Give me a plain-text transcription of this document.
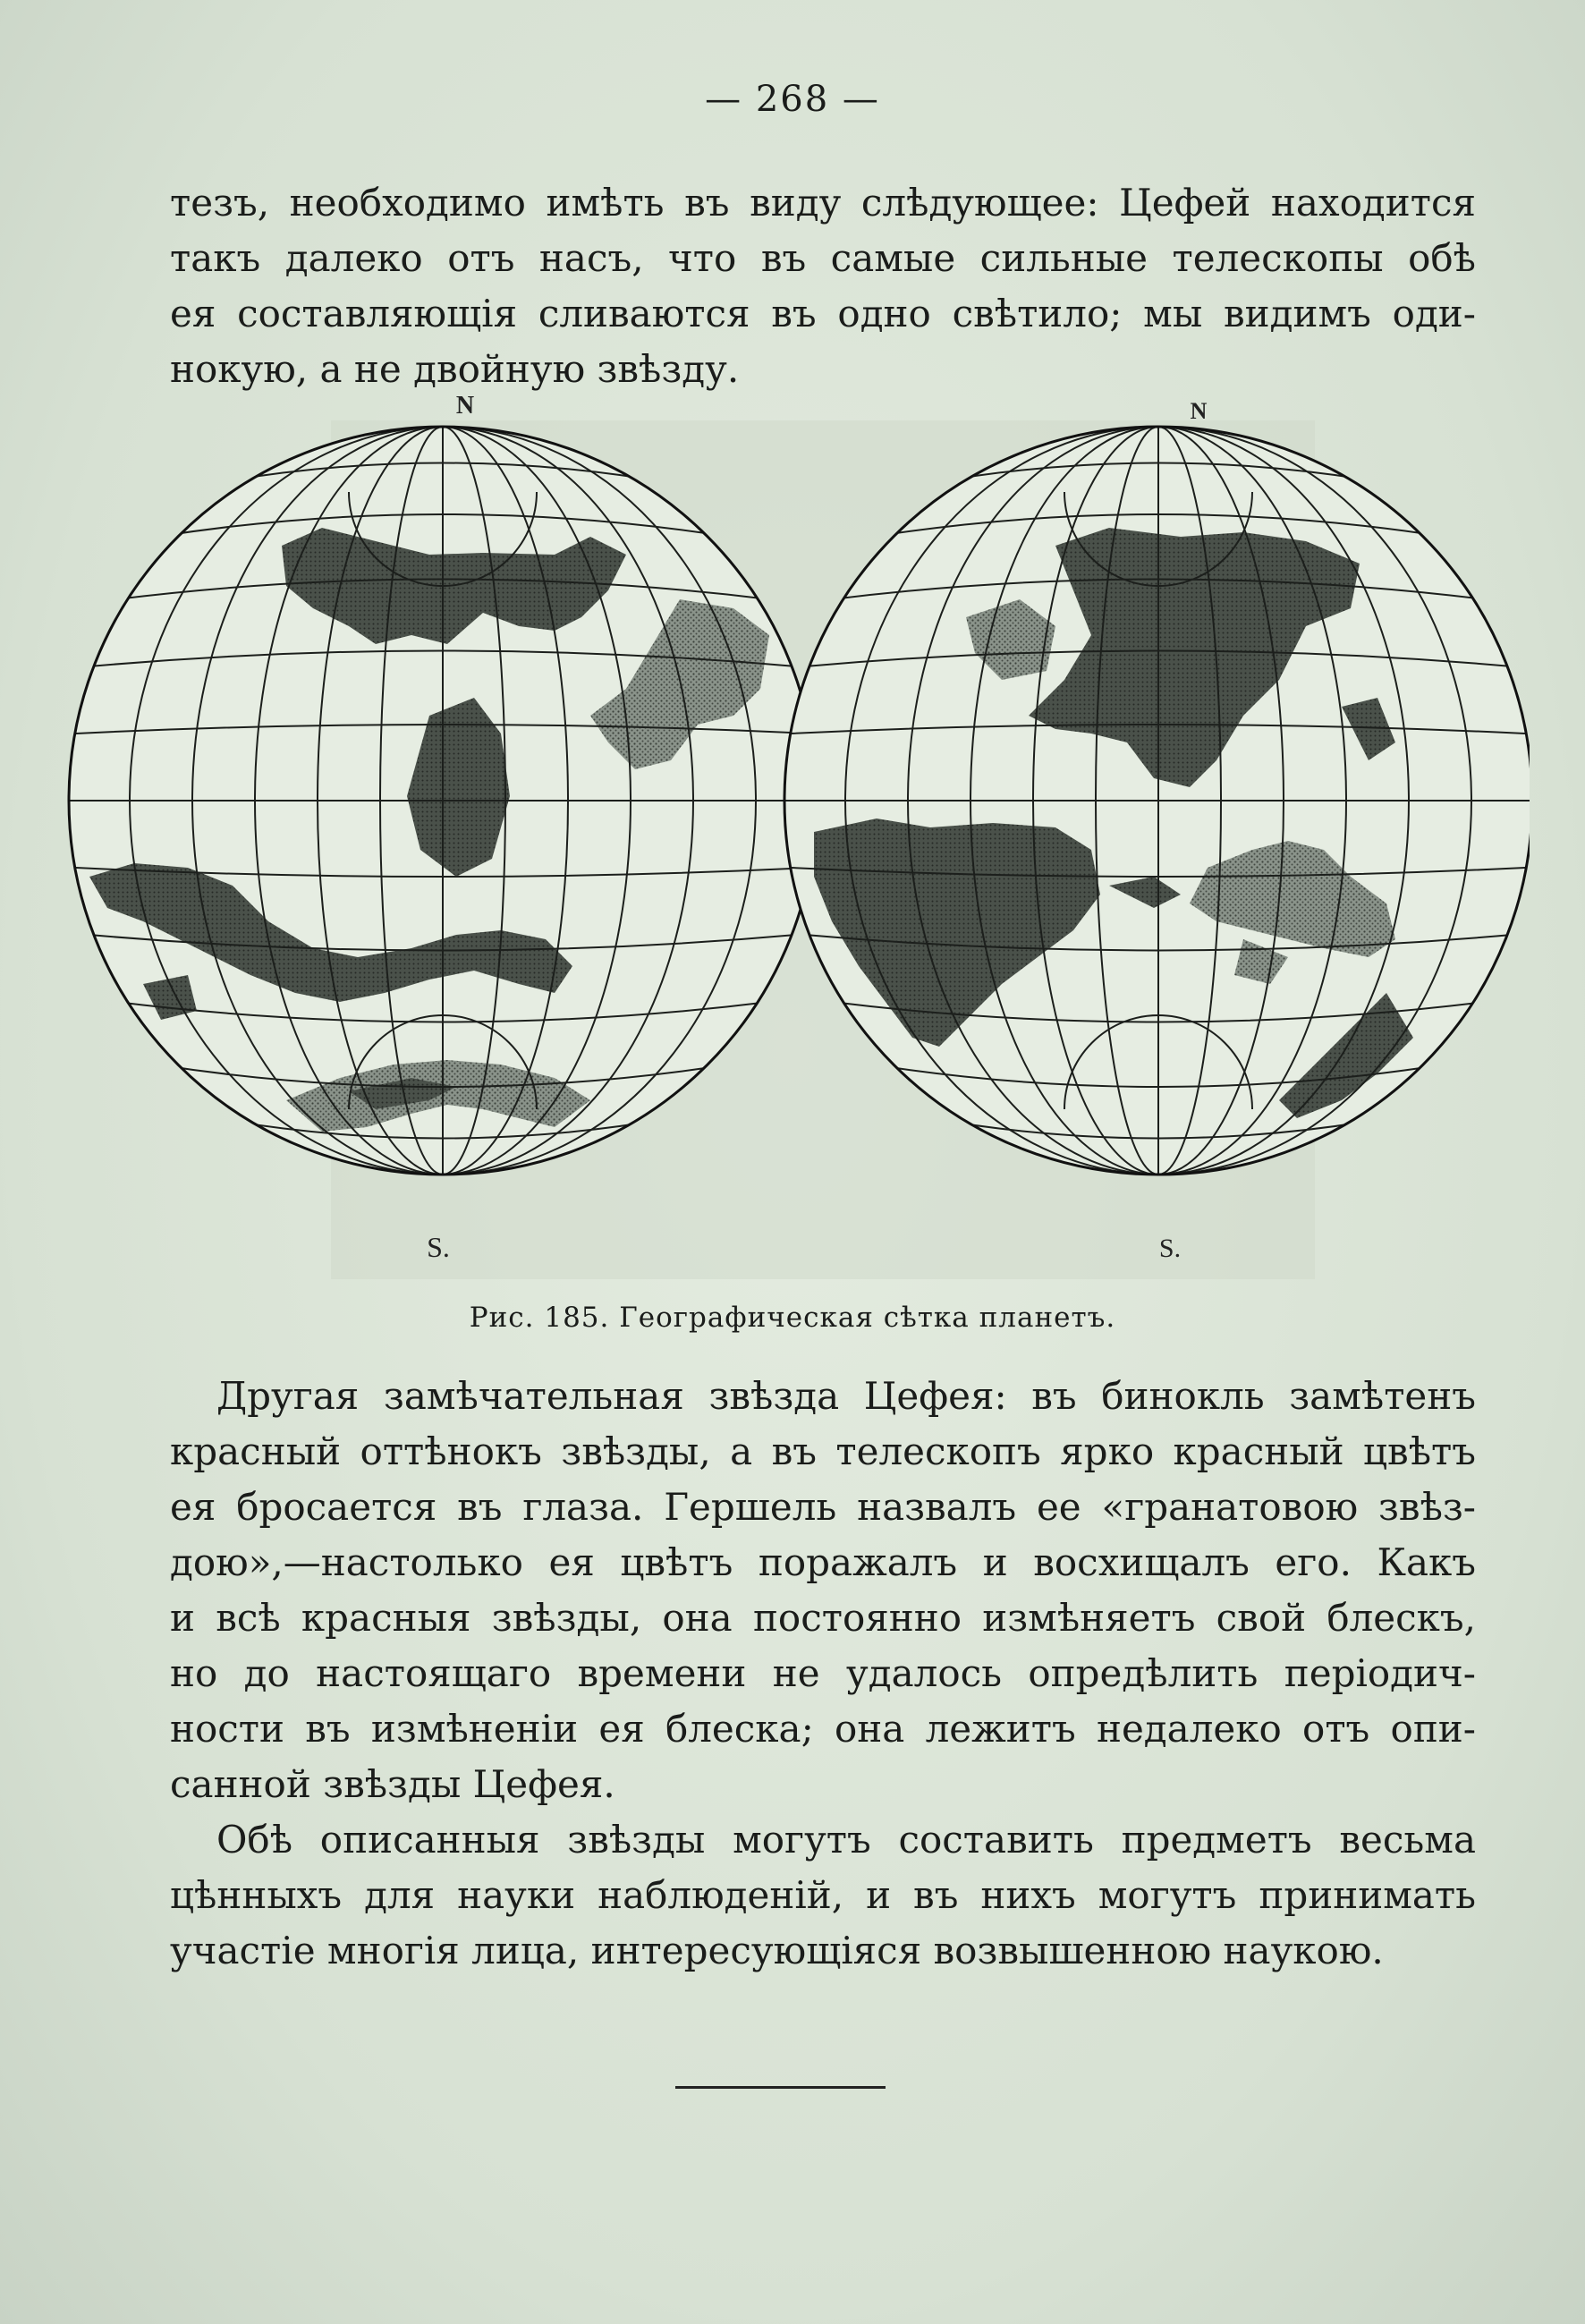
— 268 —
тезъ, необходимо имѣть въ виду слѣдующее: Цефей находится
такъ далеко отъ насъ, что въ самые сильные телескопы обѣ
ея составляющія сливаются въ одно свѣтило; мы видимъ оди-
нокую, а не двойную звѣзду.
N
S.
N
S.
Рис. 185. Географическая сѣтка планетъ.
Другая замѣчательная звѣзда Цефея: въ бинокль замѣтенъ
красный оттѣнокъ звѣзды, а въ телескопъ ярко красный цвѣтъ
ея бросается въ глаза. Гершель назвалъ ее «гранатовою звѣз-
дою»,—настолько ея цвѣтъ поражалъ и восхищалъ его. Какъ
и всѣ красныя звѣзды, она постоянно измѣняетъ свой блескъ,
но до настоящаго времени не удалось опредѣлить періодич-
ности въ измѣненіи ея блеска; она лежитъ недалеко отъ опи-
санной звѣзды Цефея.
Обѣ описанныя звѣзды могутъ составить предметъ весьма
цѣнныхъ для науки наблюденій, и въ нихъ могутъ принимать
участіе многія лица, интересующіяся возвышенною наукою.
